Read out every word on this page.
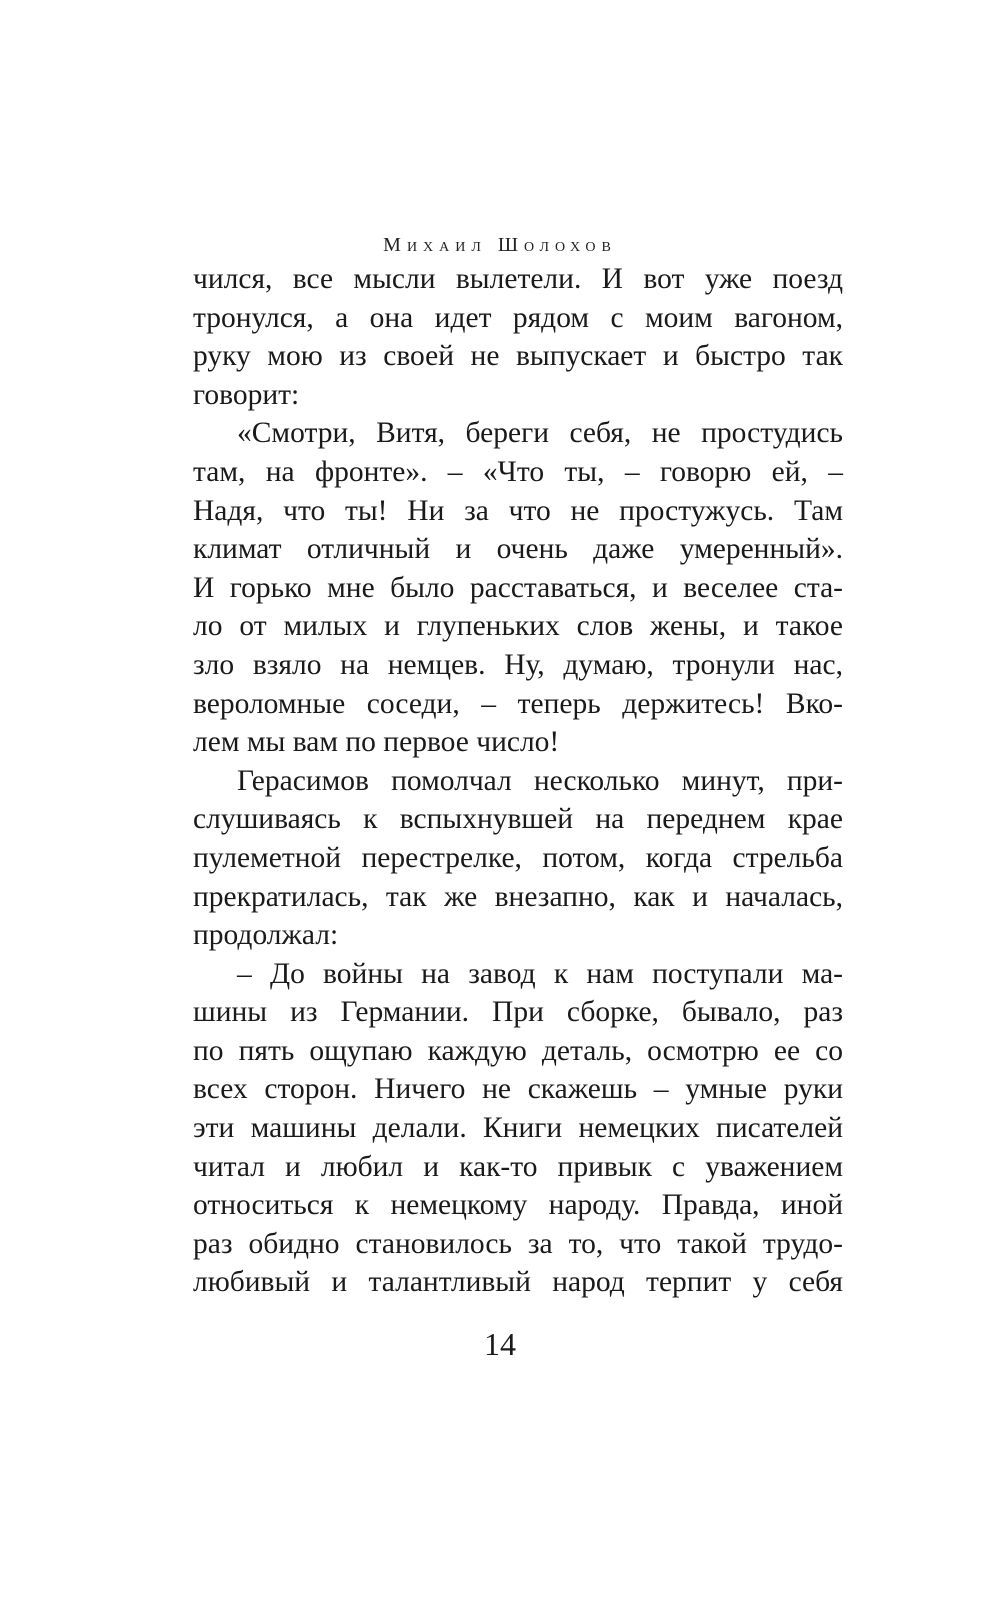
Михаил Шолохов
чился, все мысли вылетели. И вот уже поезд
тронулся, а она идет рядом с моим вагоном,
руку мою из своей не выпускает и быстро так
говорит:
«Смотри, Витя, береги себя, не простудись
там, на фронте». – «Что ты, – говорю ей, –
Надя, что ты! Ни за что не простужусь. Там
климат отличный и очень даже умеренный».
И горько мне было расставаться, и веселее ста-
ло от милых и глупеньких слов жены, и такое
зло взяло на немцев. Ну, думаю, тронули нас,
вероломные соседи, – теперь держитесь! Вко-
лем мы вам по первое число!
Герасимов помолчал несколько минут, при-
слушиваясь к вспыхнувшей на переднем крае
пулеметной перестрелке, потом, когда стрельба
прекратилась, так же внезапно, как и началась,
продолжал:
– До войны на завод к нам поступали ма-
шины из Германии. При сборке, бывало, раз
по пять ощупаю каждую деталь, осмотрю ее со
всех сторон. Ничего не скажешь – умные руки
эти машины делали. Книги немецких писателей
читал и любил и как-то привык с уважением
относиться к немецкому народу. Правда, иной
раз обидно становилось за то, что такой трудо-
любивый и талантливый народ терпит у себя
14
